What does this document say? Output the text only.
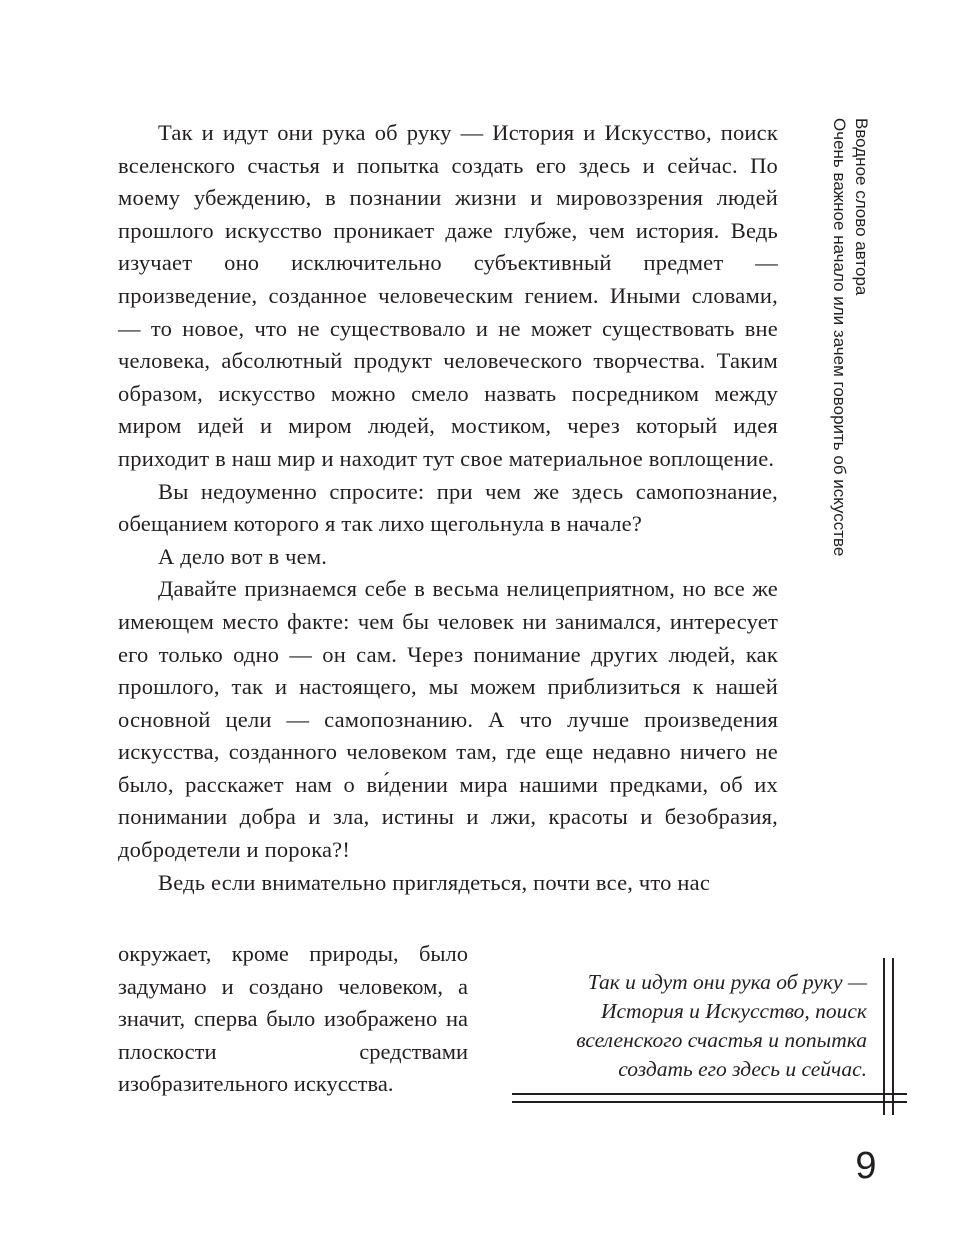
Вводное слово автора
Очень важное начало или зачем говорить об искусстве

Так и идут они рука об руку — История и Искусство, поиск вселенского счастья и попытка создать его здесь и сейчас. По моему убеждению, в познании жизни и мировоззрения людей прошлого искусство проникает даже глубже, чем история. Ведь изучает оно исключительно субъективный предмет — произведение, созданное человеческим гением. Иными словами, — то новое, что не существовало и не может существовать вне человека, абсолютный продукт человеческого творчества. Таким образом, искусство можно смело назвать посредником между миром идей и миром людей, мостиком, через который идея приходит в наш мир и находит тут свое материальное воплощение.

Вы недоуменно спросите: при чем же здесь самопознание, обещанием которого я так лихо щегольнула в начале?

А дело вот в чем.

Давайте признаемся себе в весьма нелицеприятном, но все же имеющем место факте: чем бы человек ни занимался, интересует его только одно — он сам. Через понимание других людей, как прошлого, так и настоящего, мы можем приблизиться к нашей основной цели — самопознанию. А что лучше произведения искусства, созданного человеком там, где еще недавно ничего не было, расскажет нам о ви́дении мира нашими предками, об их понимании добра и зла, истины и лжи, красоты и безобразия, добродетели и порока?!

Ведь если внимательно приглядеться, почти все, что нас

окружает, кроме природы, было задумано и создано человеком, а значит, сперва было изображено на плоскости средствами изобразительного искусства.

Так и идут они рука об руку —

История и Искусство, поиск

вселенского счастья и попытка

создать его здесь и сейчас.

9
